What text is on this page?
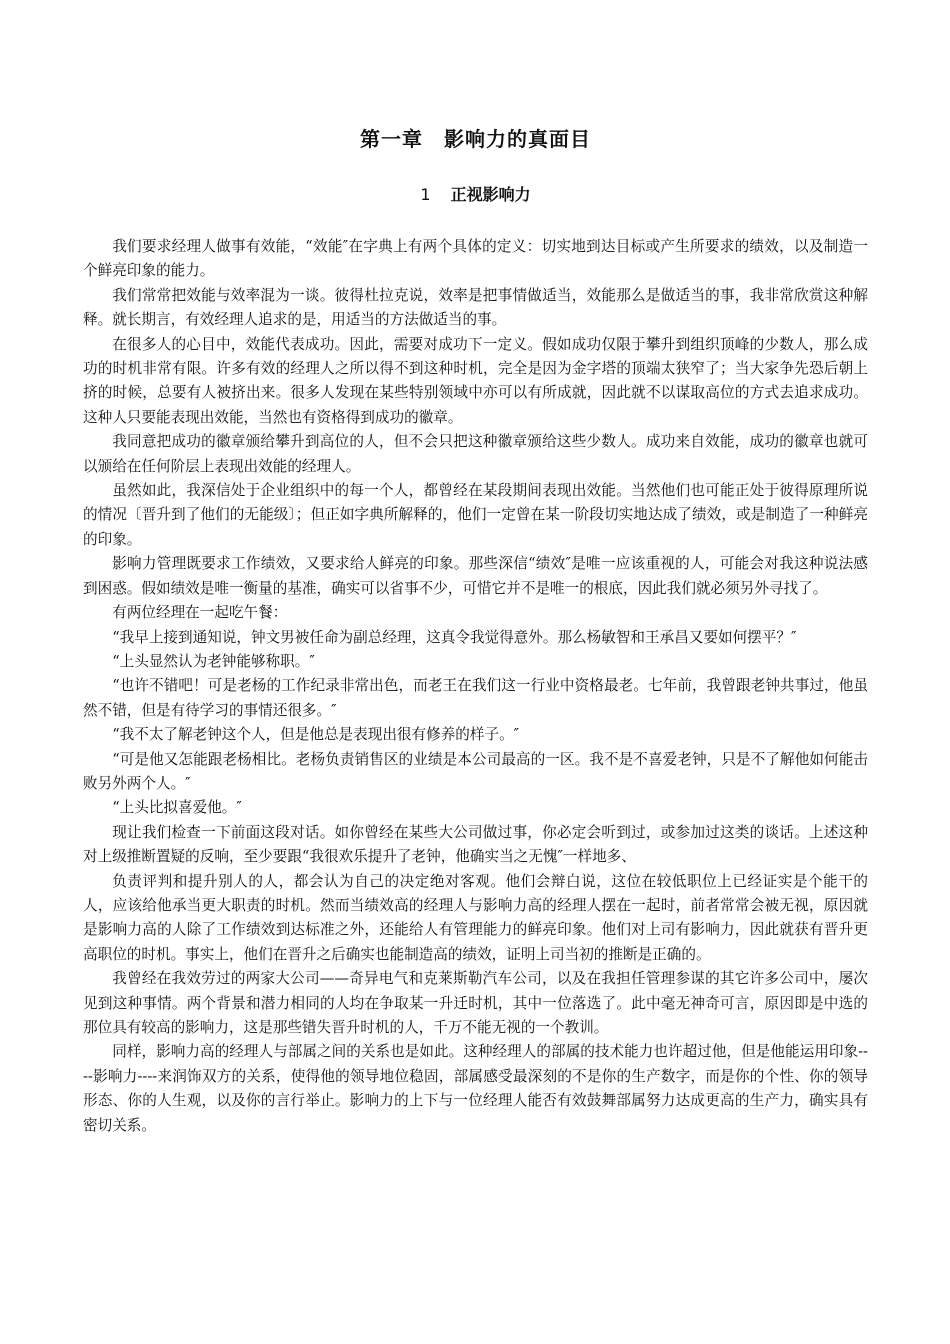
第一章　影响力的真面目
1 正视影响力

我们要求经理人做事有效能，“效能″在字典上有两个具体的定义：切实地到达目标或产生所要求的绩效，以及制造一个鲜亮印象的能力。

我们常常把效能与效率混为一谈。彼得杜拉克说，效率是把事情做适当，效能那么是做适当的事，我非常欣赏这种解释。就长期言，有效经理人追求的是，用适当的方法做适当的事。

在很多人的心目中，效能代表成功。因此，需要对成功下一定义。假如成功仅限于攀升到组织顶峰的少数人，那么成功的时机非常有限。许多有效的经理人之所以得不到这种时机，完全是因为金字塔的顶端太狭窄了；当大家争先恐后朝上挤的时候，总要有人被挤出来。很多人发现在某些特别领域中亦可以有所成就，因此就不以谋取高位的方式去追求成功。这种人只要能表现出效能，当然也有资格得到成功的徽章。

我同意把成功的徽章颁给攀升到高位的人，但不会只把这种徽章颁给这些少数人。成功来自效能，成功的徽章也就可以颁给在任何阶层上表现出效能的经理人。

虽然如此，我深信处于企业组织中的每一个人，都曾经在某段期间表现出效能。当然他们也可能正处于彼得原理所说的情况〔晋升到了他们的无能级〕；但正如字典所解释的，他们一定曾在某一阶段切实地达成了绩效，或是制造了一种鲜亮的印象。

影响力管理既要求工作绩效，又要求给人鲜亮的印象。那些深信“绩效″是唯一应该重视的人，可能会对我这种说法感到困惑。假如绩效是唯一衡量的基准，确实可以省事不少，可惜它并不是唯一的根底，因此我们就必须另外寻找了。

有两位经理在一起吃午餐：

“我早上接到通知说，钟文男被任命为副总经理，这真令我觉得意外。那么杨敏智和王承昌又要如何摆平？″

“上头显然认为老钟能够称职。″

“也许不错吧！可是老杨的工作纪录非常出色，而老王在我们这一行业中资格最老。七年前，我曾跟老钟共事过，他虽然不错，但是有待学习的事情还很多。″

“我不太了解老钟这个人，但是他总是表现出很有修养的样子。″

“可是他又怎能跟老杨相比。老杨负责销售区的业绩是本公司最高的一区。我不是不喜爱老钟，只是不了解他如何能击败另外两个人。″

“上头比拟喜爱他。″

现让我们检查一下前面这段对话。如你曾经在某些大公司做过事，你必定会听到过，或参加过这类的谈话。上述这种对上级推断置疑的反响，至少要跟“我很欢乐提升了老钟，他确实当之无愧″一样地多、

负责评判和提升别人的人，都会认为自己的决定绝对客观。他们会辩白说，这位在较低职位上已经证实是个能干的人，应该给他承当更大职责的时机。然而当绩效高的经理人与影响力高的经理人摆在一起时，前者常常会被无视，原因就是影响力高的人除了工作绩效到达标准之外，还能给人有管理能力的鲜亮印象。他们对上司有影响力，因此就获有晋升更高职位的时机。事实上，他们在晋升之后确实也能制造高的绩效，证明上司当初的推断是正确的。

我曾经在我效劳过的两家大公司——奇异电气和克莱斯勒汽车公司，以及在我担任管理参谋的其它许多公司中，屡次见到这种事情。两个背景和潜力相同的人均在争取某一升迁时机，其中一位落选了。此中毫无神奇可言，原因即是中选的那位具有较高的影响力，这是那些错失晋升时机的人，千万不能无视的一个教训。

同样，影响力高的经理人与部属之间的关系也是如此。这种经理人的部属的技术能力也许超过他，但是他能运用印象----影响力----来润饰双方的关系，使得他的领导地位稳固，部属感受最深刻的不是你的生产数字，而是你的个性、你的领导形态、你的人生观，以及你的言行举止。影响力的上下与一位经理人能否有效鼓舞部属努力达成更高的生产力，确实具有密切关系。
